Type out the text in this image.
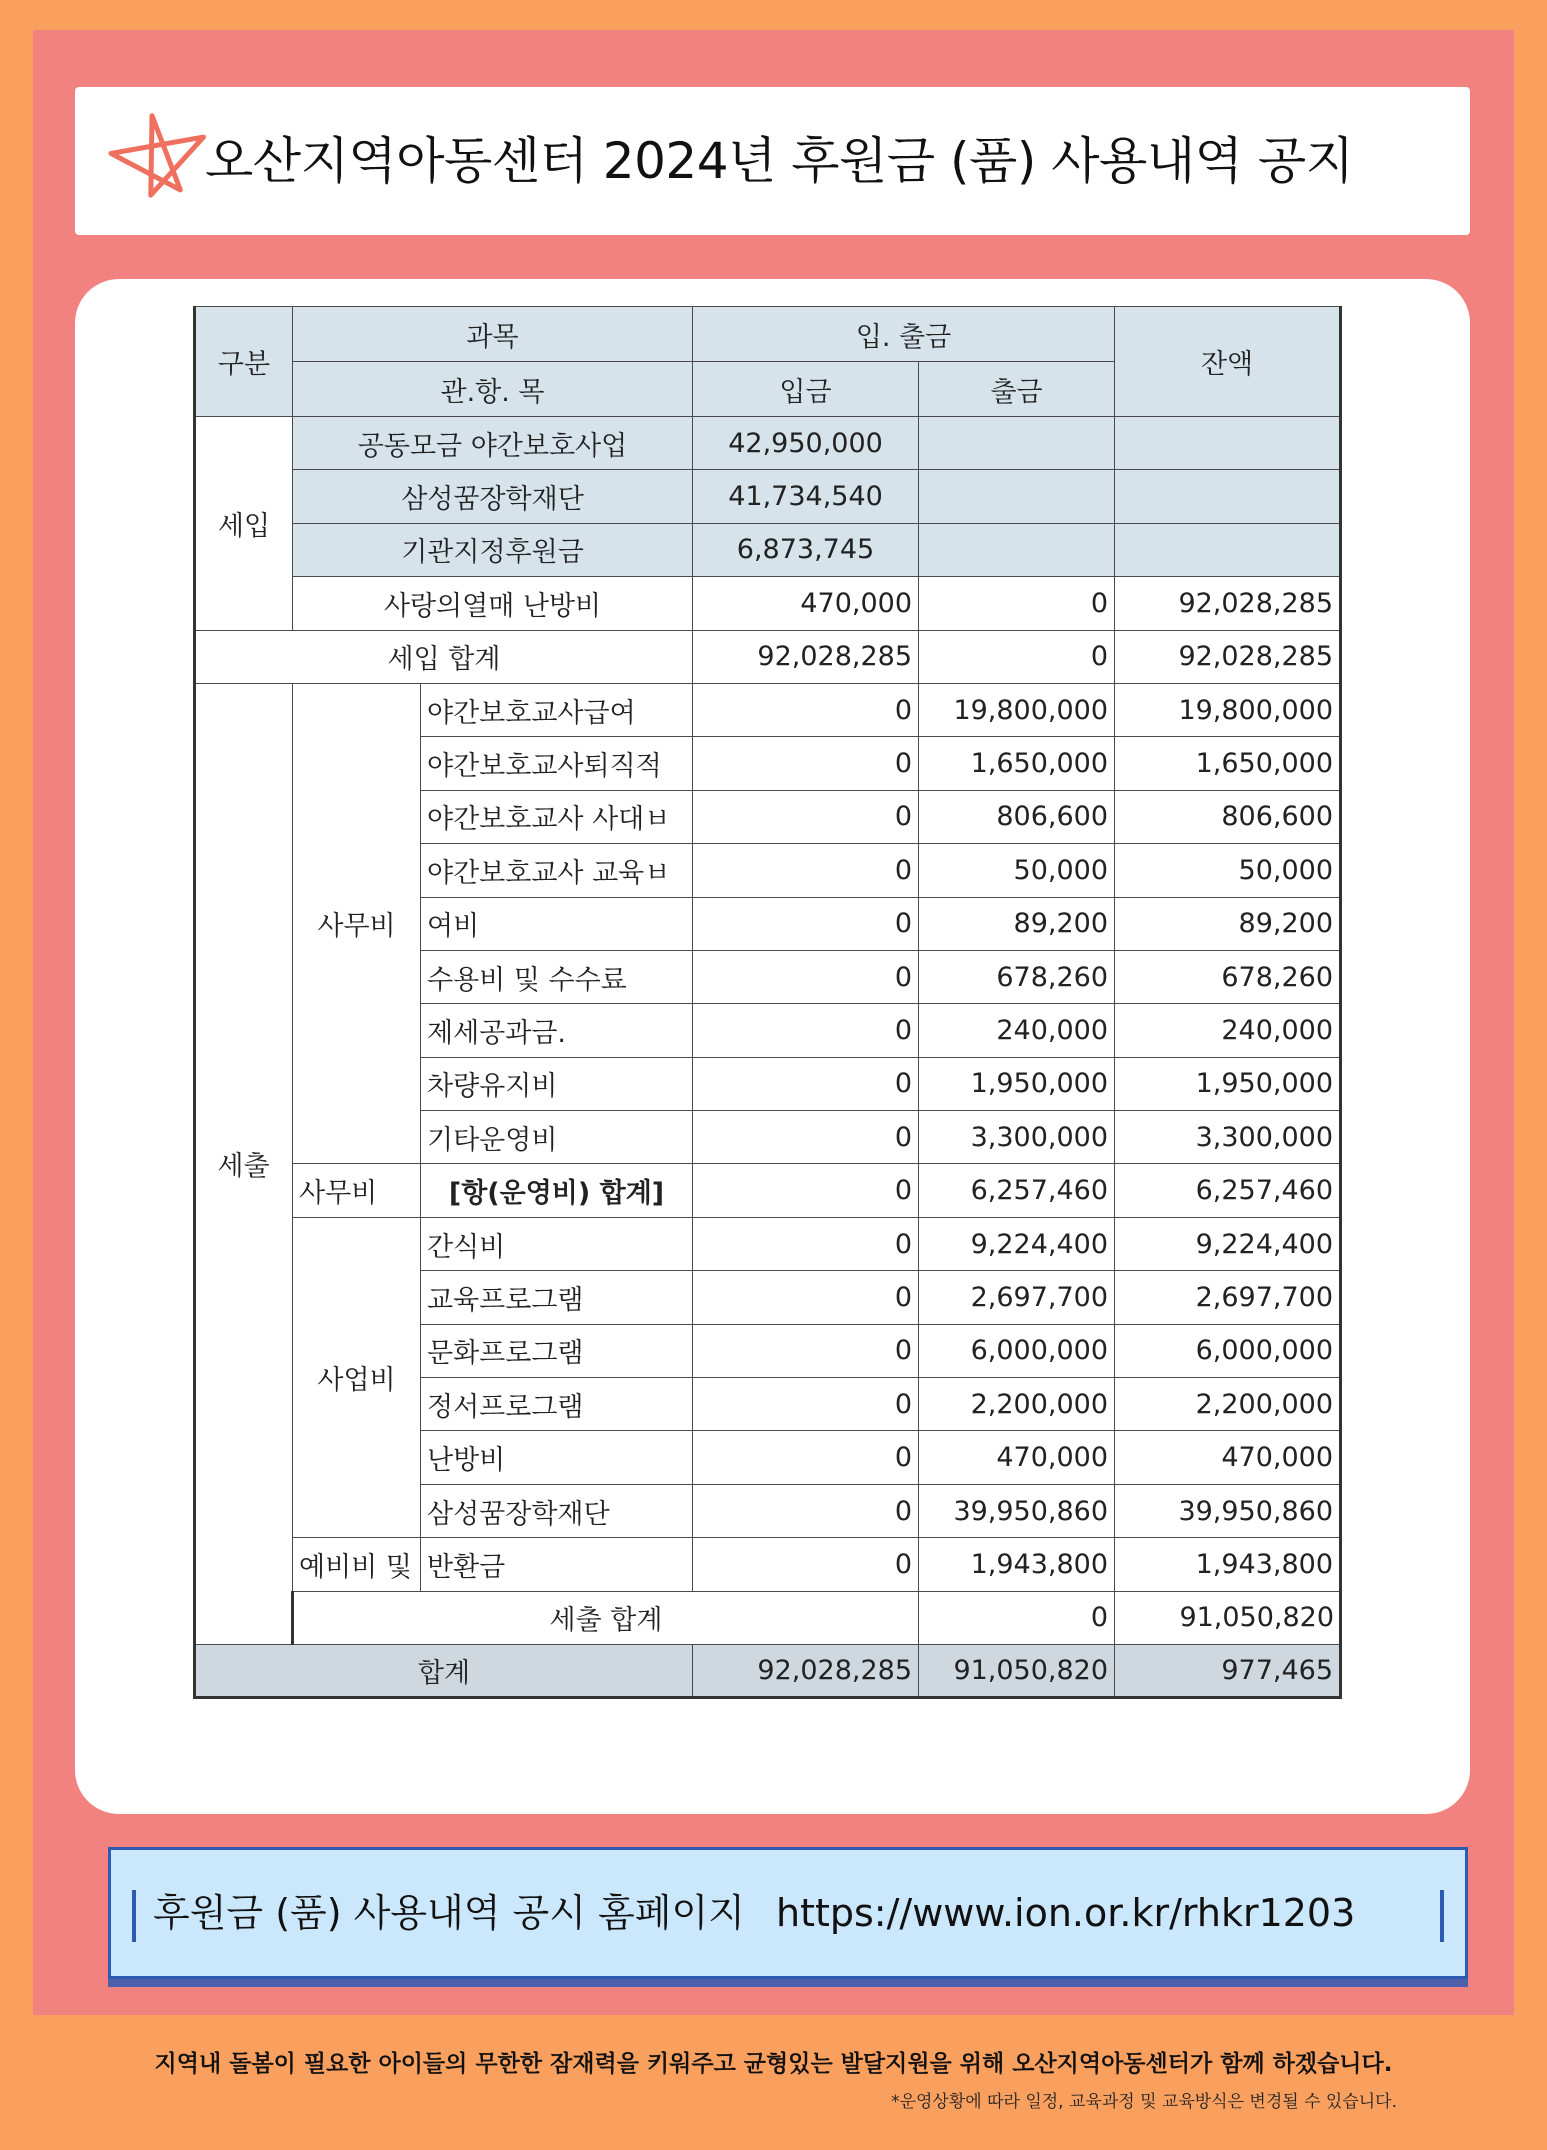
오산지역아동센터 2024년 후원금 (품) 사용내역 공지
구분	과목		입. 출금		잔액	
	관.항. 목		입금	출금		
세입	공동모금 야간보호사업		42,950,000			
	삼성꿈장학재단		41,734,540			
	기관지정후원금		6,873,745			
	사랑의열매 난방비		470,000	0	92,028,285	
세입 합계			92,028,285	0	92,028,285	
세출	사무비	야간보호교사급여	0	19,800,000	19,800,000	
		야간보호교사퇴직적	0	1,650,000	1,650,000	
		야간보호교사 사대ㅂ	0	806,600	806,600	
		야간보호교사 교육ㅂ	0	50,000	50,000	
		여비	0	89,200	89,200	
		수용비 및 수수료	0	678,260	678,260	
		제세공과금.	0	240,000	240,000	
		차량유지비	0	1,950,000	1,950,000	
		기타운영비	0	3,300,000	3,300,000	
	사무비	[항(운영비) 합계]	0	6,257,460	6,257,460	
	사업비	간식비	0	9,224,400	9,224,400	
		교육프로그램	0	2,697,700	2,697,700	
		문화프로그램	0	6,000,000	6,000,000	
		정서프로그램	0	2,200,000	2,200,000	
		난방비	0	470,000	470,000	
		삼성꿈장학재단	0	39,950,860	39,950,860	
	예비비 및	반환금	0	1,943,800	1,943,800	
	세출 합계			0	91,050,820	
합계			92,028,285	91,050,820	977,465	
후원금 (품) 사용내역 공시 홈페이지 https://www.ion.or.kr/rhkr1203
지역내 돌봄이 필요한 아이들의 무한한 잠재력을 키워주고 균형있는 발달지원을 위해 오산지역아동센터가 함께 하겠습니다.
*운영상황에 따라 일정, 교육과정 및 교육방식은 변경될 수 있습니다.
